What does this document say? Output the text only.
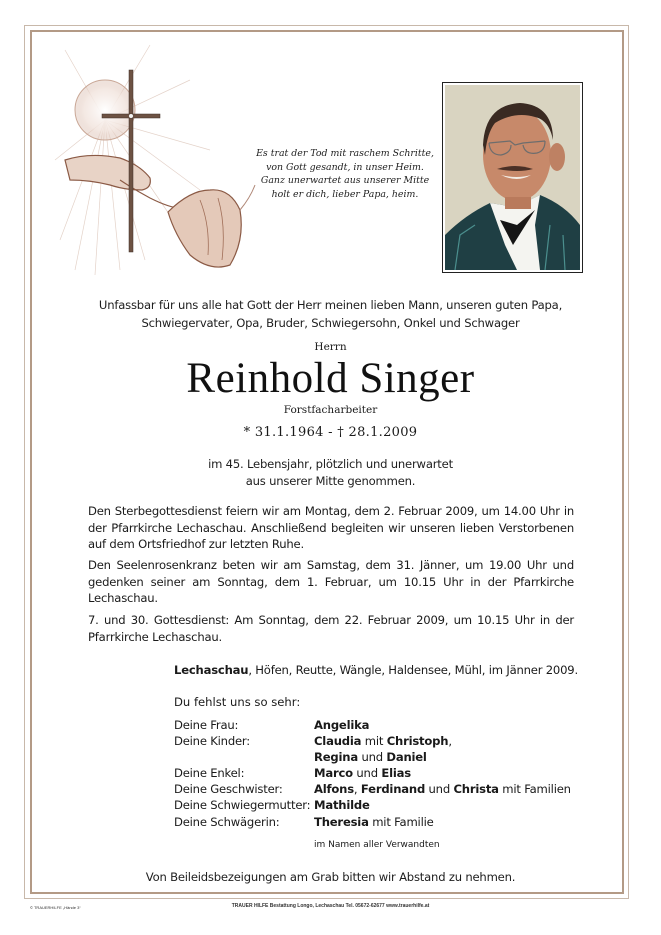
Es trat der Tod mit raschem Schritte,
von Gott gesandt, in unser Heim.
Ganz unerwartet aus unserer Mitte
holt er dich, lieber Papa, heim.
Unfassbar für uns alle hat Gott der Herr meinen lieben Mann, unseren guten Papa,
Schwiegervater, Opa, Bruder, Schwiegersohn, Onkel und Schwager
Herrn
Reinhold Singer
Forstfacharbeiter
* 31.1.1964 - † 28.1.2009
im 45. Lebensjahr, plötzlich und unerwartet
aus unserer Mitte genommen.
Den Sterbegottesdienst feiern wir am Montag, dem 2. Februar 2009, um 14.00 Uhr in der Pfarrkirche Lechaschau. Anschließend begleiten wir unseren lieben Verstorbenen auf dem Ortsfriedhof zur letzten Ruhe.
Den Seelenrosenkranz beten wir am Samstag, dem 31. Jänner, um 19.00 Uhr und gedenken seiner am Sonntag, dem 1. Februar, um 10.15 Uhr in der Pfarrkirche Lechaschau.
7. und 30. Gottesdienst: Am Sonntag, dem 22. Februar 2009, um 10.15 Uhr in der Pfarrkirche Lechaschau.
Lechaschau, Höfen, Reutte, Wängle, Haldensee, Mühl, im Jänner 2009.
Du fehlst uns so sehr:
Deine Frau:	Angelika
Deine Kinder:	Claudia mit Christoph,
Regina und Daniel
Deine Enkel:	Marco und Elias
Deine Geschwister:	Alfons, Ferdinand und Christa mit Familien
Deine Schwiegermutter: Mathilde
Deine Schwägerin:	Theresia mit Familie
im Namen aller Verwandten
Von Beileidsbezeigungen am Grab bitten wir Abstand zu nehmen.
© TRAUERHILFE „Hände 3“	TRAUER HILFE Bestattung Longo, Lechaschau Tel. 05672-62677 www.trauerhilfe.at
